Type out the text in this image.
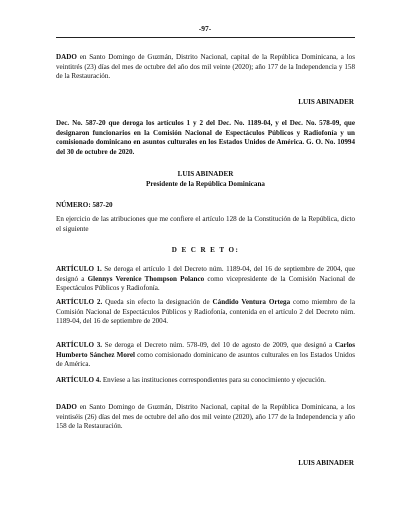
-97-

DADO en Santo Domingo de Guzmán, Distrito Nacional, capital de la República Dominicana, a los veintitrés (23) días del mes de octubre del año dos mil veinte (2020); año 177 de la Independencia y 158 de la Restauración.

LUIS ABINADER

Dec. No. 587-20 que deroga los artículos 1 y 2 del Dec. No. 1189-04, y el Dec. No. 578-09, que designaron funcionarios en la Comisión Nacional de Espectáculos Públicos y Radiofonía y un comisionado dominicano en asuntos culturales en los Estados Unidos de América. G. O. No. 10994 del 30 de octubre de 2020.

LUIS ABINADER
Presidente de la República Dominicana

NÚMERO: 587-20

En ejercicio de las atribuciones que me confiere el artículo 128 de la Constitución de la República, dicto el siguiente

D E C R E T O:

ARTÍCULO 1. Se deroga el artículo 1 del Decreto núm. 1189-04, del 16 de septiembre de 2004, que designó a Glennys Verenice Thompson Polanco como vicepresidente de la Comisión Nacional de Espectáculos Públicos y Radiofonía.

ARTÍCULO 2. Queda sin efecto la designación de Cándido Ventura Ortega como miembro de la Comisión Nacional de Espectáculos Públicos y Radiofonía, contenida en el artículo 2 del Decreto núm. 1189-04, del 16 de septiembre de 2004.

ARTÍCULO 3. Se deroga el Decreto núm. 578-09, del 10 de agosto de 2009, que designó a Carlos Humberto Sánchez Morel como comisionado dominicano de asuntos culturales en los Estados Unidos de América.

ARTÍCULO 4. Envíese a las instituciones correspondientes para su conocimiento y ejecución.

DADO en Santo Domingo de Guzmán, Distrito Nacional, capital de la República Dominicana, a los veintiséis (26) días del mes de octubre del año dos mil veinte (2020), año 177 de la Independencia y año 158 de la Restauración.

LUIS ABINADER
